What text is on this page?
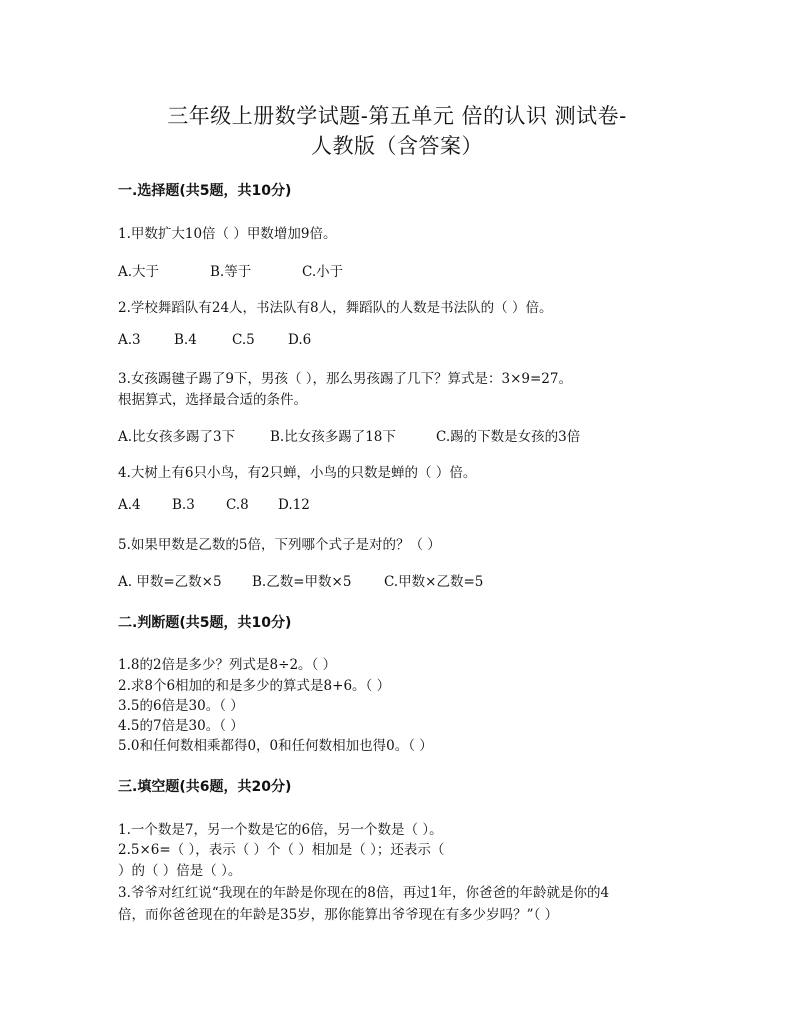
三年级上册数学试题-第五单元 倍的认识 测试卷-
人教版（含答案）
一.选择题(共5题，共10分)
1.甲数扩大10倍（ ）甲数增加9倍。
A.大于	B.等于	C.小于
2.学校舞蹈队有24人，书法队有8人，舞蹈队的人数是书法队的（ ）倍。
A.3 B.4	C.5 D.6
3.女孩踢毽子踢了9下，男孩（ ），那么男孩踢了几下？算式是：3×9=27。
根据算式，选择最合适的条件。
A.比女孩多踢了3下	B.比女孩多踢了18下	C.踢的下数是女孩的3倍
4.大树上有6只小鸟，有2只蝉，小鸟的只数是蝉的（ ）倍。
A.4 B.3 C.8 D.12
5.如果甲数是乙数的5倍，下列哪个式子是对的？（ ）
A. 甲数=乙数×5 B.乙数=甲数×5 C.甲数×乙数=5
二.判断题(共5题，共10分)
1.8的2倍是多少？列式是8÷2。（ ）
2.求8个6相加的和是多少的算式是8+6。（ ）
3.5的6倍是30。（ ）
4.5的7倍是30。（ ）
5.0和任何数相乘都得0，0和任何数相加也得0。（ ）
三.填空题(共6题，共20分)
1.一个数是7，另一个数是它的6倍，另一个数是（ ）。
2.5×6=（ ），表示（ ）个（ ）相加是（ ）；还表示（
）的（ ）倍是（ ）。
3.爷爷对红红说“我现在的年龄是你现在的8倍，再过1年，你爸爸的年龄就是你的4
倍，而你爸爸现在的年龄是35岁，那你能算出爷爷现在有多少岁吗？”（ ）
